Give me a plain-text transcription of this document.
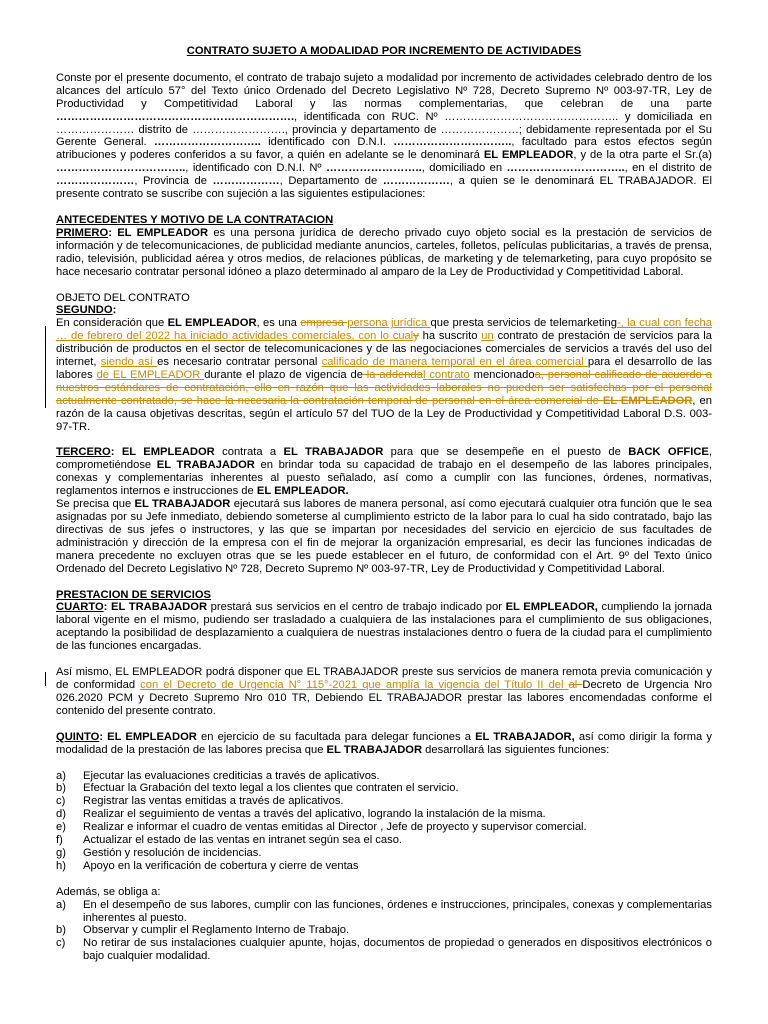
CONTRATO SUJETO A MODALIDAD POR INCREMENTO DE ACTIVIDADES

Conste por el presente documento, el contrato de trabajo sujeto a modalidad por incremento de actividades celebrado dentro de los alcances del artículo 57° del Texto único Ordenado del Decreto Legislativo Nº 728, Decreto Supremo Nº 003-97-TR, Ley de Productividad y Competitividad Laboral y las normas complementarias, que celebran de una parte ………………………………………………………., identificada con RUC. Nº ……………………………………….. y domiciliada en ………………… distrito de ……………………., provincia y departamento de …………………; debidamente representada por el Su Gerente General. ……………………….. identificado con D.N.I. ………………………….., facultado para estos efectos según atribuciones y poderes conferidos a su favor, a quién en adelante se le denominará EL EMPLEADOR, y de la otra parte el Sr.(a) …………………………….., identificado con D.N.I. Nº …………………….., domiciliado en ………………………….., en el distrito de …………………, Provincia de ………………, Departamento de ………………, a quien se le denominará EL TRABAJADOR. El presente contrato se suscribe con sujeción a las siguientes estipulaciones:

ANTECEDENTES Y MOTIVO DE LA CONTRATACION

PRIMERO: EL EMPLEADOR es una persona jurídica de derecho privado cuyo objeto social es la prestación de servicios de información y de telecomunicaciones, de publicidad mediante anuncios, carteles, folletos, películas publicitarias, a través de prensa, radio, televisión, publicidad aérea y otros medios, de relaciones públicas, de marketing y de telemarketing, para cuyo propósito se hace necesario contratar personal idóneo a plazo determinado al amparo de la Ley de Productividad y Competitividad Laboral.

OBJETO DEL CONTRATO
SEGUNDO:

En consideración que EL EMPLEADOR, es una empresa persona jurídica que presta servicios de telemarketing-, la cual con fecha … de febrero del 2022 ha iniciado actividades comerciales, con lo cualy ha suscrito un contrato de prestación de servicios para la distribución de productos en el sector de telecomunicaciones y de las negociaciones comerciales de servicios a través del uso del internet, siendo así es necesario contratar personal calificado de manera temporal en el área comercial para el desarrollo de las labores de EL EMPLEADOR durante el plazo de vigencia de la addendal contrato mencionadoa, personal calificado de acuerdo a nuestros estándares de contratación, ello en razón que las actividades laborales no pueden ser satisfechas por el personal actualmente contratado, se hace la necesaria la contratación temporal de personal en el área comercial de EL EMPLEADOR, en razón de la causa objetivas descritas, según el artículo 57 del TUO de la Ley de Productividad y Competitividad Laboral D.S. 003-97-TR.

TERCERO: EL EMPLEADOR contrata a EL TRABAJADOR para que se desempeñe en el puesto de BACK OFFICE, comprometiéndose EL TRABAJADOR en brindar toda su capacidad de trabajo en el desempeño de las labores principales, conexas y complementarias inherentes al puesto señalado, así como a cumplir con las funciones, órdenes, normativas, reglamentos internos e instrucciones de EL EMPLEADOR.

Se precisa que EL TRABAJADOR ejecutará sus labores de manera personal, así como ejecutará cualquier otra función que le sea asignadas por su Jefe inmediato, debiendo someterse al cumplimiento estricto de la labor para lo cual ha sido contratado, bajo las directivas de sus jefes o instructores, y las que se impartan por necesidades del servicio en ejercicio de sus facultades de administración y dirección de la empresa con el fin de mejorar la organización empresarial, es decir las funciones indicadas de manera precedente no excluyen otras que se les puede establecer en el futuro, de conformidad con el Art. 9º del Texto único Ordenado del Decreto Legislativo Nº 728, Decreto Supremo Nº 003-97-TR, Ley de Productividad y Competitividad Laboral.

PRESTACION DE SERVICIOS

CUARTO: EL TRABAJADOR prestará sus servicios en el centro de trabajo indicado por EL EMPLEADOR, cumpliendo la jornada laboral vigente en el mismo, pudiendo ser trasladado a cualquiera de las instalaciones para el cumplimiento de sus obligaciones, aceptando la posibilidad de desplazamiento a cualquiera de nuestras instalaciones dentro o fuera de la ciudad para el cumplimiento de las funciones encargadas.

Así mismo, EL EMPLEADOR podrá disponer que EL TRABAJADOR preste sus servicios de manera remota previa comunicación y de conformidad con el Decreto de Urgencia N° 115°-2021 que amplía la vigencia del Título II del al Decreto de Urgencia Nro 026.2020 PCM y Decreto Supremo Nro 010 TR, Debiendo EL TRABAJADOR prestar las labores encomendadas conforme el contenido del presente contrato.

QUINTO: EL EMPLEADOR en ejercicio de su facultada para delegar funciones a EL TRABAJADOR, así como dirigir la forma y modalidad de la prestación de las labores precisa que EL TRABAJADOR desarrollará las siguientes funciones:

a) Ejecutar las evaluaciones crediticias a través de aplicativos.
b) Efectuar la Grabación del texto legal a los clientes que contraten el servicio.
c) Registrar las ventas emitidas a través de aplicativos.
d) Realizar el seguimiento de ventas a través del aplicativo, logrando la instalación de la misma.
e) Realizar e informar el cuadro de ventas emitidas al Director , Jefe de proyecto y supervisor comercial.
f) Actualizar el estado de las ventas en intranet según sea el caso.
g) Gestión y resolución de incidencias.
h) Apoyo en la verificación de cobertura y cierre de ventas

Además, se obliga a:

a) En el desempeño de sus labores, cumplir con las funciones, órdenes e instrucciones, principales, conexas y complementarias inherentes al puesto.
b) Observar y cumplir el Reglamento Interno de Trabajo.
c) No retirar de sus instalaciones cualquier apunte, hojas, documentos de propiedad o generados en dispositivos electrónicos o bajo cualquier modalidad.
